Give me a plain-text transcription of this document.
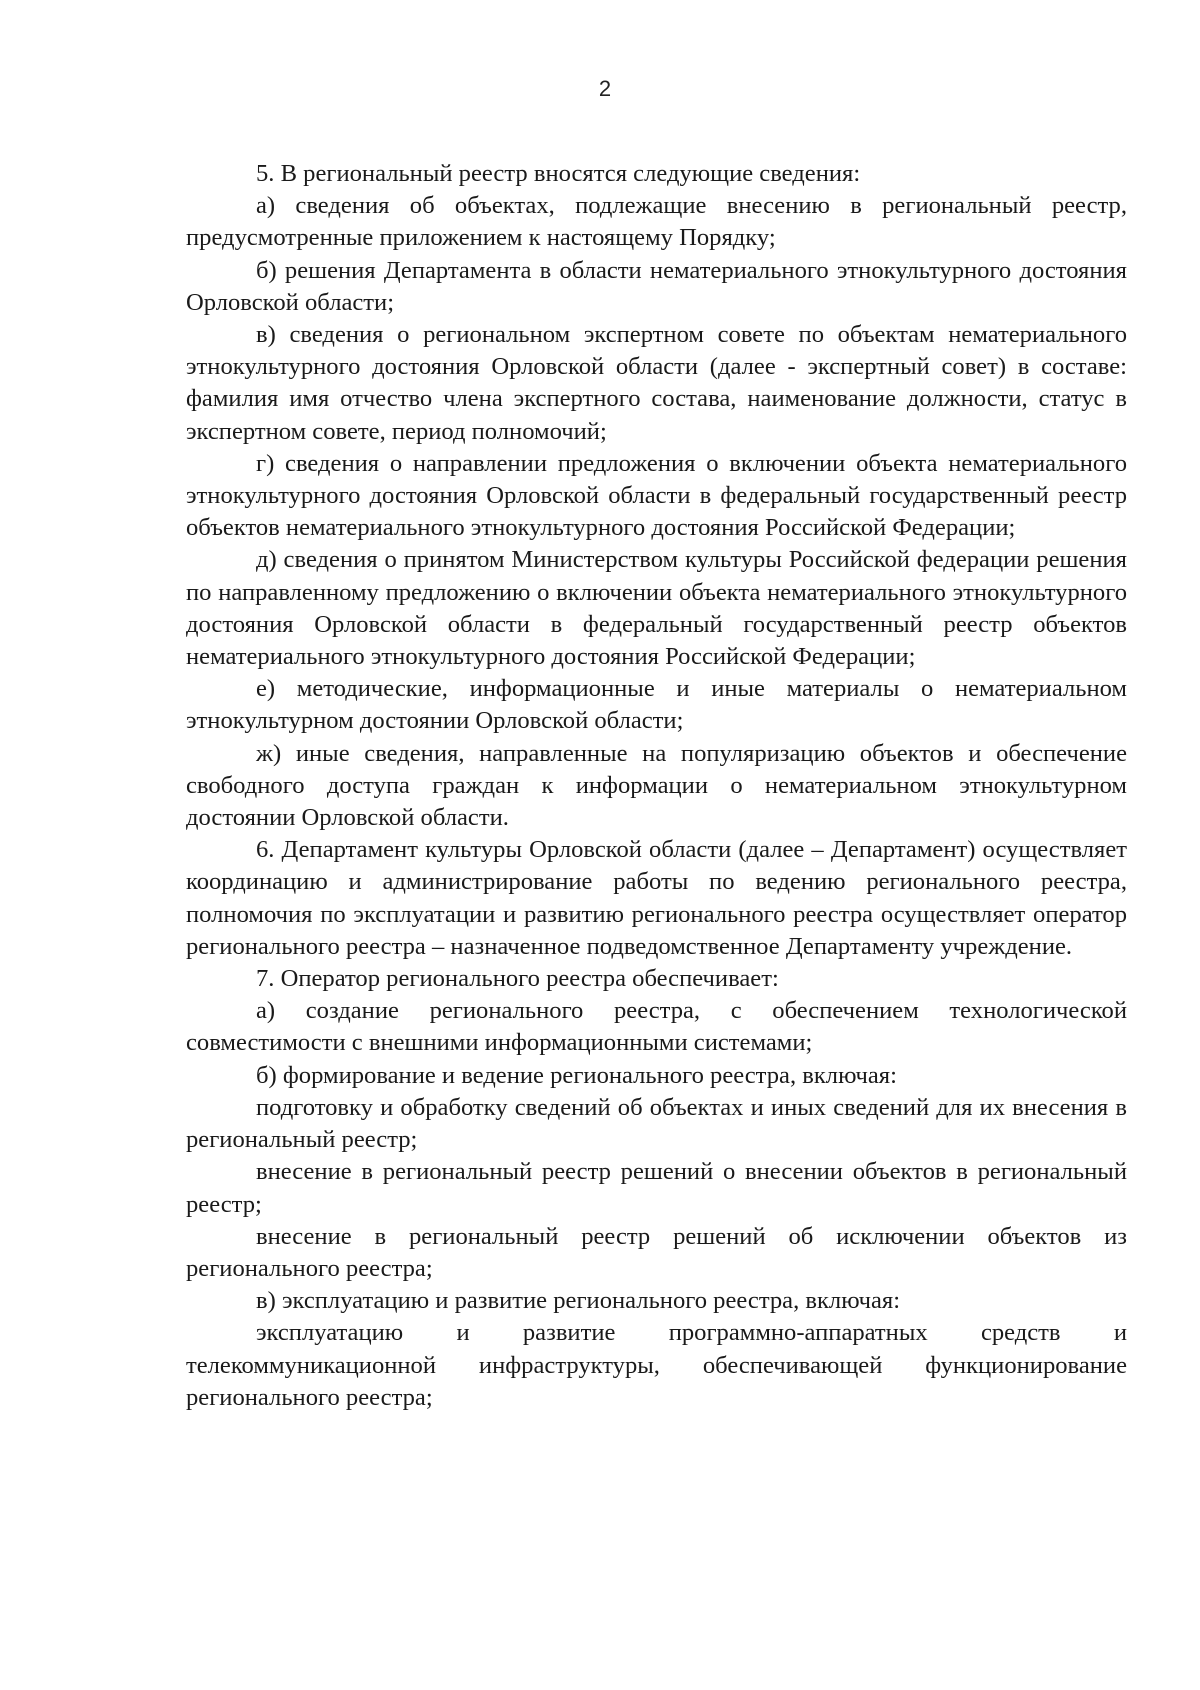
2

5. В региональный реестр вносятся следующие сведения:

а) сведения об объектах, подлежащие внесению в региональный реестр, предусмотренные приложением к настоящему Порядку;

б) решения Департамента в области нематериального этнокультурного достояния Орловской области;

в) сведения о региональном экспертном совете по объектам нематериального этнокультурного достояния Орловской области (далее - экспертный совет) в составе: фамилия имя отчество члена экспертного состава, наименование должности, статус в экспертном совете, период полномочий;

г) сведения о направлении предложения о включении объекта нематериального этнокультурного достояния Орловской области в федеральный государственный реестр объектов нематериального этнокультурного достояния Российской Федерации;

д) сведения о принятом Министерством культуры Российской федерации решения по направленному предложению о включении объекта нематериального этнокультурного достояния Орловской области в федеральный государственный реестр объектов нематериального этнокультурного достояния Российской Федерации;

е) методические, информационные и иные материалы о нематериальном этнокультурном достоянии Орловской области;

ж) иные сведения, направленные на популяризацию объектов и обеспечение свободного доступа граждан к информации о нематериальном этнокультурном достоянии Орловской области.

6. Департамент культуры Орловской области (далее – Департамент) осуществляет координацию и администрирование работы по ведению регионального реестра, полномочия по эксплуатации и развитию регионального реестра осуществляет оператор регионального реестра – назначенное подведомственное Департаменту учреждение.

7. Оператор регионального реестра обеспечивает:

а) создание регионального реестра, с обеспечением технологической совместимости с внешними информационными системами;

б) формирование и ведение регионального реестра, включая:

подготовку и обработку сведений об объектах и иных сведений для их внесения в региональный реестр;

внесение в региональный реестр решений о внесении объектов в региональный реестр;

внесение в региональный реестр решений об исключении объектов из регионального реестра;

в) эксплуатацию и развитие регионального реестра, включая:

эксплуатацию и развитие программно-аппаратных средств и телекоммуникационной инфраструктуры, обеспечивающей функционирование регионального реестра;
